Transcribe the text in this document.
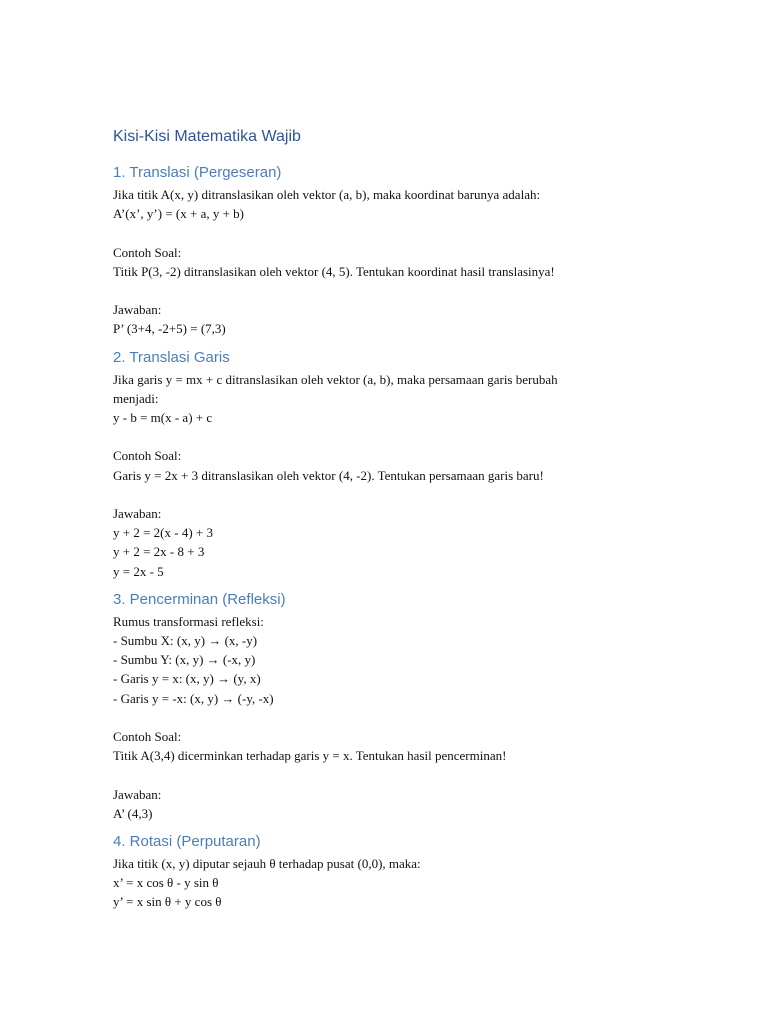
Kisi-Kisi Matematika Wajib
1. Translasi (Pergeseran)

Jika titik A(x, y) ditranslasikan oleh vektor (a, b), maka koordinat barunya adalah:

A’(x’, y’) = (x + a, y + b)

Contoh Soal:

Titik P(3, -2) ditranslasikan oleh vektor (4, 5). Tentukan koordinat hasil translasinya!

Jawaban:

P’ (3+4, -2+5) = (7,3)

2. Translasi Garis

Jika garis y = mx + c ditranslasikan oleh vektor (a, b), maka persamaan garis berubah

menjadi:

y - b = m(x - a) + c

Contoh Soal:

Garis y = 2x + 3 ditranslasikan oleh vektor (4, -2). Tentukan persamaan garis baru!

Jawaban:

y + 2 = 2(x - 4) + 3

y + 2 = 2x - 8 + 3

y = 2x - 5

3. Pencerminan (Refleksi)

Rumus transformasi refleksi:

- Sumbu X: (x, y) → (x, -y)

- Sumbu Y: (x, y) → (-x, y)

- Garis y = x: (x, y) → (y, x)

- Garis y = -x: (x, y) → (-y, -x)

Contoh Soal:

Titik A(3,4) dicerminkan terhadap garis y = x. Tentukan hasil pencerminan!

Jawaban:

A’ (4,3)

4. Rotasi (Perputaran)

Jika titik (x, y) diputar sejauh θ terhadap pusat (0,0), maka:

x’ = x cos θ - y sin θ

y’ = x sin θ + y cos θ
